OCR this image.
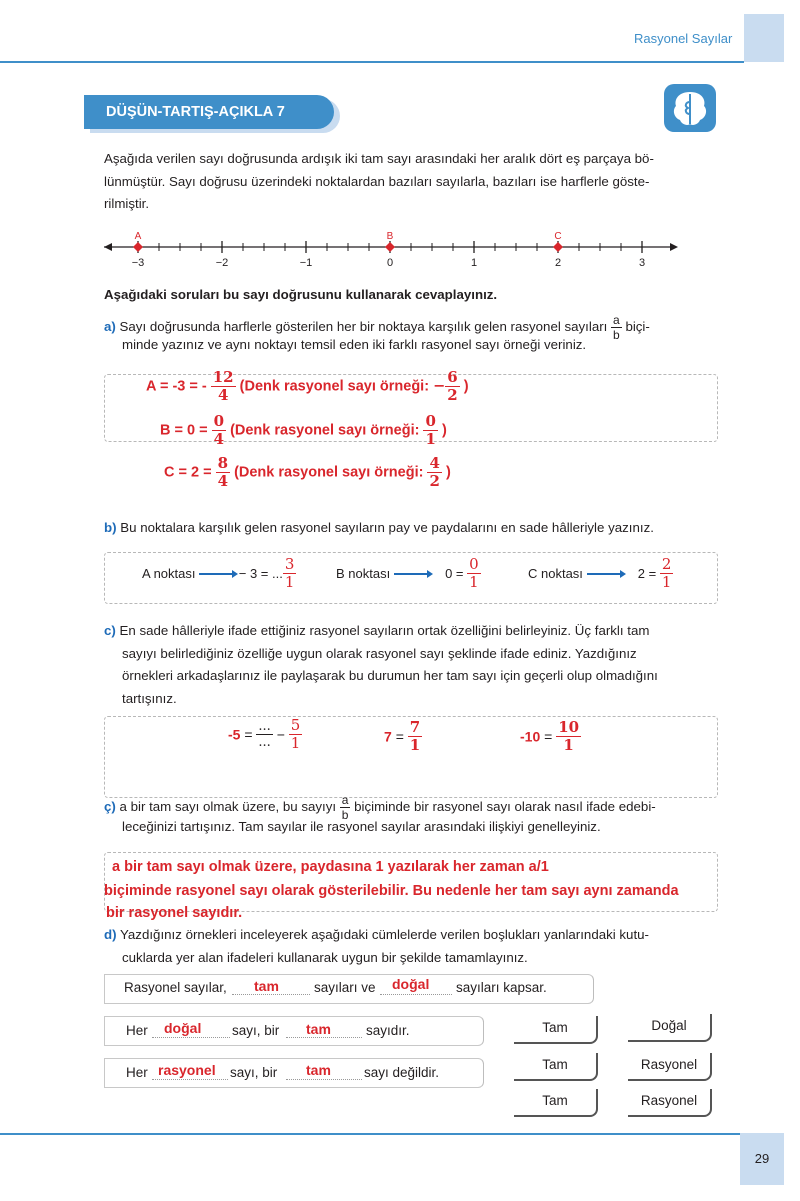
Rasyonel Sayılar
DÜŞÜN-TARTIŞ-AÇIKLA 7
Aşağıda verilen sayı doğrusunda ardışık iki tam sayı arasındaki her aralık dört eş parçaya bö-
lünmüştür. Sayı doğrusu üzerindeki noktalardan bazıları sayılarla, bazıları ise harflerle göste-
rilmiştir.
−3	−2	−1	0	1	2	3
A	B	C
Aşağıdaki soruları bu sayı doğrusunu kullanarak cevaplayınız.
a) Sayı doğrusunda harflerle gösterilen her bir noktaya karşılık gelen rasyonel sayıları $\frac{a}{b}$ biçi-
minde yazınız ve aynı noktayı temsil eden iki farklı rasyonel sayı örneği veriniz.
A = -3 = - $\frac{12}{4}$ (Denk rasyonel sayı örneği: − $\frac{6}{2}$ )
$B = 0 = \frac{0}{4}$ (Denk rasyonel sayı örneği: $\frac{0}{1}$ )
$C = 2 = \frac{8}{4}$ (Denk rasyonel sayı örneği: $\frac{4}{2}$ )
b) Bu noktalara karşılık gelen rasyonel sayıların pay ve paydalarını en sade hâlleriyle yazınız.
A noktası	− 3 = ... $\frac{3}{1}$	B noktası	$0 = \frac{0}{1}$	C noktası	$2 = \frac{2}{1}$
c) En sade hâlleriyle ifade ettiğiniz rasyonel sayıların ortak özelliğini belirleyiniz. Üç farklı tam
sayıyı belirlediğiniz özelliğe uygun olarak rasyonel sayı şeklinde ifade ediniz. Yazdığınız
örnekleri arkadaşlarınız ile paylaşarak bu durumun her tam sayı için geçerli olup olmadığını
tartışınız.
$-5 = \frac{...}{...} - \frac{5}{1}$	$7 = \frac{7}{1}$	$-10 = \frac{10}{1}$
ç) a bir tam sayı olmak üzere, bu sayıyı $\frac{a}{b}$ biçiminde bir rasyonel sayı olarak nasıl ifade edebi-
leceğinizi tartışınız. Tam sayılar ile rasyonel sayılar arasındaki ilişkiyi genelleyiniz.
a bir tam sayı olmak üzere, paydasına 1 yazılarak her zaman a/1
biçiminde rasyonel sayı olarak gösterilebilir. Bu nedenle her tam sayı aynı zamanda
bir rasyonel sayıdır.
d) Yazdığınız örnekleri inceleyerek aşağıdaki cümlelerde verilen boşlukları yanlarındaki kutu-
cuklarda yer alan ifadeleri kullanarak uygun bir şekilde tamamlayınız.
Rasyonel sayılar, tam	sayıları ve doğal sayıları kapsar.
Her doğal sayı, bir tam	sayıdır.
Her rasyonel sayı, bir tam sayı değildir.
Tam	Doğal
Tam	Rasyonel
Tam	Rasyonel
29
